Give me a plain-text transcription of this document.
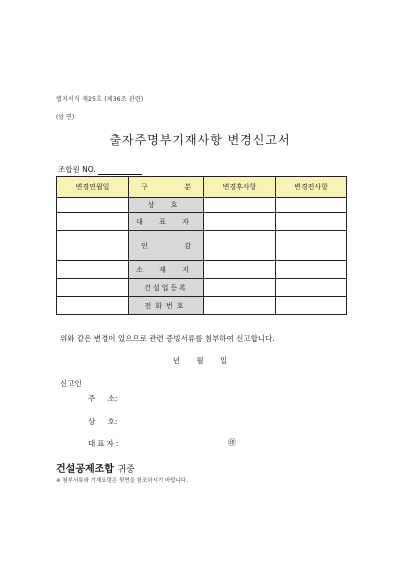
별지서식 제25호 (제36조 관련)
(앞 면)
출자주명부기재사항 변경신고서
조합원 NO.
변경연월일	구 분	변경후사항	변경전사항
	상 호		
	대 표 자		

	인 감		

	소 재 지		
	건설업등록		
	전화번호		
위와 같은 변경이 있으므로 관련 증빙서류를 첨부하여 신고합니다.
년 월 일
신고인
주 소:
상 호:
대표자:	㊞
건설공제조합 귀중
※ 첨부서류와 기재요령은 뒷면을 참조하시기 바랍니다.
